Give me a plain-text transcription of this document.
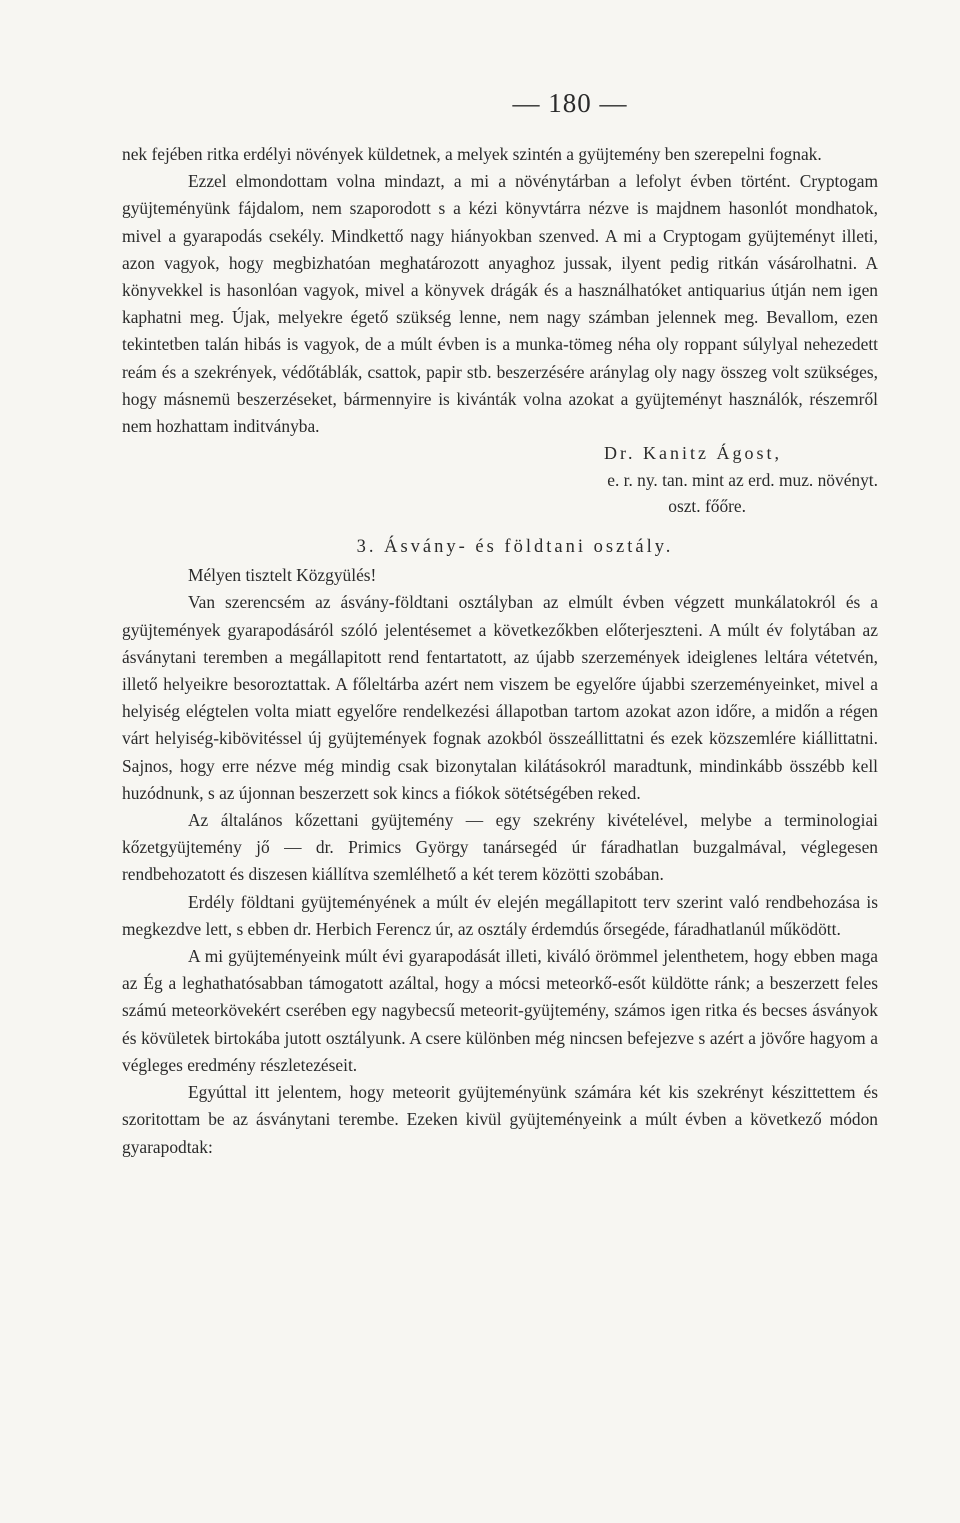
— 180 —

nek fejében ritka erdélyi növények küldetnek, a melyek szintén a gyüjtemény ben szerepelni fognak.

Ezzel elmondottam volna mindazt, a mi a növénytárban a lefolyt évben történt. Cryptogam gyüjteményünk fájdalom, nem szaporodott s a kézi könyvtárra nézve is majdnem hasonlót mondhatok, mivel a gyarapodás csekély. Mindkettő nagy hiányokban szenved. A mi a Cryptogam gyüjteményt illeti, azon vagyok, hogy megbizhatóan meghatározott anyaghoz jussak, ilyent pedig ritkán vásárolhatni. A könyvekkel is hasonlóan vagyok, mivel a könyvek drágák és a használhatóket antiquarius útján nem igen kaphatni meg. Újak, melyekre égető szükség lenne, nem nagy számban jelennek meg. Bevallom, ezen tekintetben talán hibás is vagyok, de a múlt évben is a munka-tömeg néha oly roppant súlylyal nehezedett reám és a szekrények, védőtáblák, csattok, papir stb. beszerzésére aránylag oly nagy összeg volt szükséges, hogy másnemü beszerzéseket, bármennyire is kivánták volna azokat a gyüjteményt használók, részemről nem hozhattam inditványba.

Dr. Kanitz Ágost,

e. r. ny. tan. mint az erd. muz. növényt.

oszt. főőre.

3. Ásvány- és földtani osztály.

Mélyen tisztelt Közgyülés!

Van szerencsém az ásvány-földtani osztályban az elmúlt évben végzett munkálatokról és a gyüjtemények gyarapodásáról szóló jelentésemet a következőkben előterjeszteni. A múlt év folytában az ásványtani teremben a megállapitott rend fentartatott, az újabb szerzemények ideiglenes leltára vétetvén, illető helyeikre besoroztattak. A főleltárba azért nem viszem be egyelőre újabbi szerzeményeinket, mivel a helyiség elégtelen volta miatt egyelőre rendelkezési állapotban tartom azokat azon időre, a midőn a régen várt helyiség-kibövitéssel új gyüjtemények fognak azokból összeállittatni és ezek közszemlére kiállittatni. Sajnos, hogy erre nézve még mindig csak bizonytalan kilátásokról maradtunk, mindinkább összébb kell huzódnunk, s az újonnan beszerzett sok kincs a fiókok sötétségében reked.

Az általános kőzettani gyüjtemény — egy szekrény kivételével, melybe a terminologiai kőzetgyüjtemény jő — dr. Primics György tanársegéd úr fáradhatlan buzgalmával, véglegesen rendbehozatott és diszesen kiállítva szemlélhető a két terem közötti szobában.

Erdély földtani gyüjteményének a múlt év elején megállapitott terv szerint való rendbehozása is megkezdve lett, s ebben dr. Herbich Ferencz úr, az osztály érdemdús őrsegéde, fáradhatlanúl működött.

A mi gyüjteményeink múlt évi gyarapodását illeti, kiváló örömmel jelenthetem, hogy ebben maga az Ég a leghathatósabban támogatott azáltal, hogy a mócsi meteorkő-esőt küldötte ránk; a beszerzett feles számú meteorkövekért cserében egy nagybecsű meteorit-gyüjtemény, számos igen ritka és becses ásványok és kövületek birtokába jutott osztályunk. A csere különben még nincsen befejezve s azért a jövőre hagyom a végleges eredmény részletezéseit.

Egyúttal itt jelentem, hogy meteorit gyüjteményünk számára két kis szekrényt készittettem és szoritottam be az ásványtani terembe. Ezeken kivül gyüjteményeink a múlt évben a következő módon gyarapodtak:
